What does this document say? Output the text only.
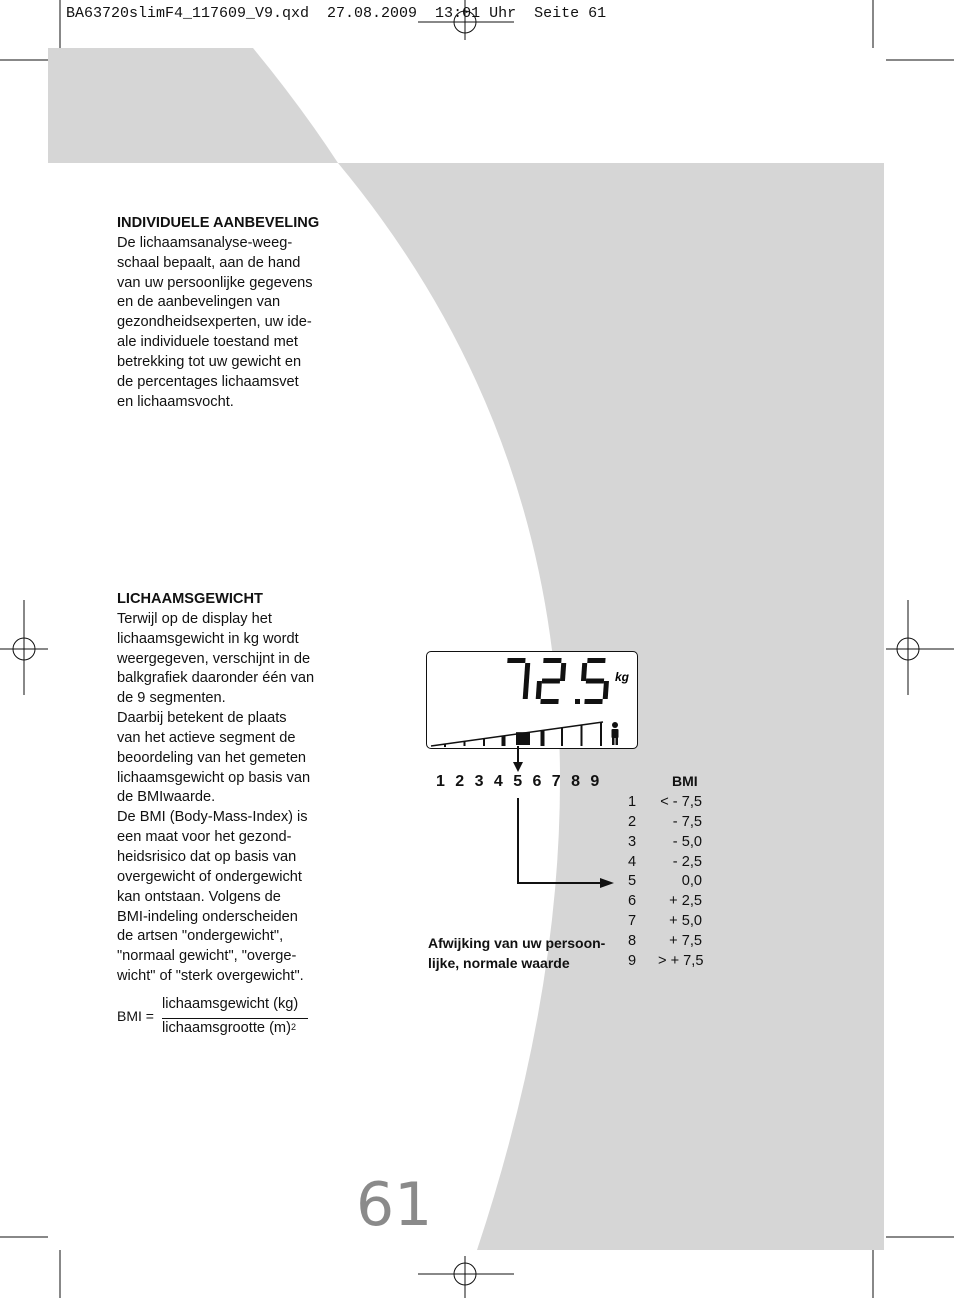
BA63720slimF4_117609_V9.qxd  27.08.2009  13:01 Uhr  Seite 61
INDIVIDUELE AANBEVELING
De lichaamsanalyse-weeg-
schaal bepaalt, aan de hand
van uw persoonlijke gegevens
en de aanbevelingen van
gezondheidsexperten, uw ide-
ale individuele toestand met
betrekking tot uw gewicht en
de percentages lichaamsvet
en lichaamsvocht.
LICHAAMSGEWICHT
Terwijl op de display het
lichaamsgewicht in kg wordt
weergegeven, verschijnt in de
balkgrafiek daaronder één van
de 9 segmenten.
Daarbij betekent de plaats
van het actieve segment de
beoordeling van het gemeten
lichaamsgewicht op basis van
de BMIwaarde.
De BMI (Body-Mass-Index) is
een maat voor het gezond-
heidsrisico dat op basis van
overgewicht of ondergewicht
kan ontstaan. Volgens de
BMI-indeling onderscheiden
de artsen "ondergewicht",
"normaal gewicht", "overge-
wicht" of "sterk overgewicht".
BMI =
lichaamsgewicht (kg)
lichaamsgrootte $(m)^2$
kg
1 2 3 4 5 6 7 8 9	BMI
1	< - 7,5
2	- 7,5
3	- 5,0
4	- 2,5
5	0,0
6	+ 2,5
7	+ 5,0
8	+ 7,5
9	> + 7,5
Afwijking van uw persoon-
lijke, normale waarde
61
